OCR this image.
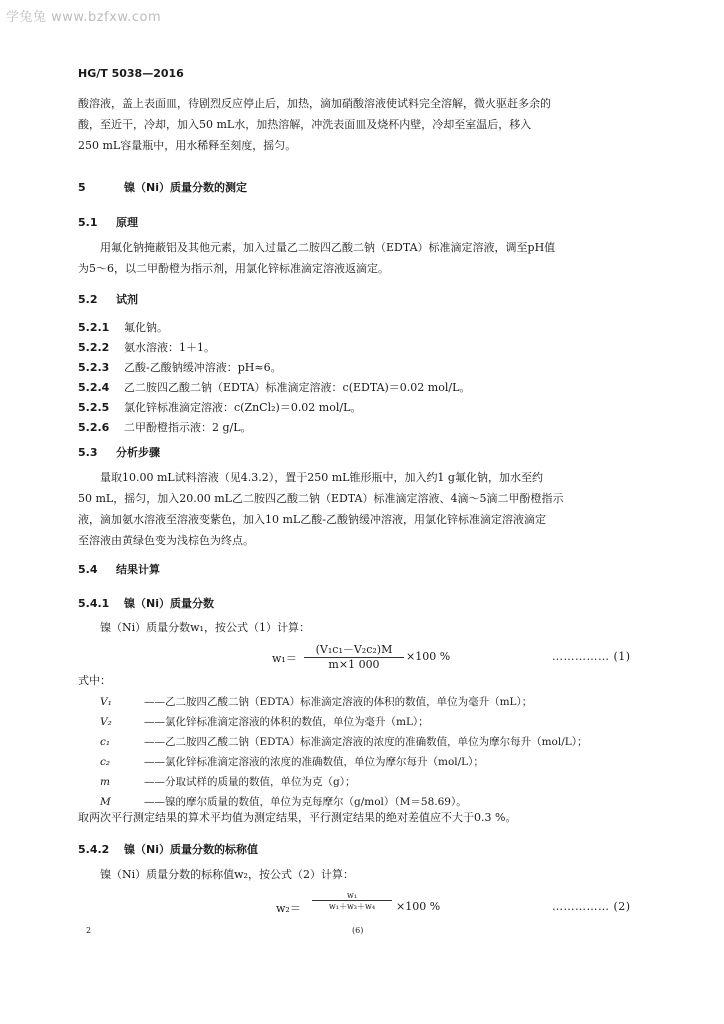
学兔兔 www.bzfxw.com
HG/T 5038—2016
酸溶液，盖上表面皿，待剧烈反应停止后，加热，滴加硝酸溶液使试料完全溶解，微火驱赶多余的
酸，至近干，冷却，加入50 mL水，加热溶解，冲洗表面皿及烧杯内壁，冷却至室温后，移入
250 mL容量瓶中，用水稀释至刻度，摇匀。
5	镍（Ni）质量分数的测定
5.1 原理
用氟化钠掩蔽铝及其他元素，加入过量乙二胺四乙酸二钠（EDTA）标准滴定溶液，调至pH值
为5～6，以二甲酚橙为指示剂，用氯化锌标准滴定溶液返滴定。
5.2 试剂
5.2.1 氟化钠。
5.2.2 氨水溶液：1＋1。
5.2.3 乙酸-乙酸钠缓冲溶液：pH≈6。
5.2.4 乙二胺四乙酸二钠（EDTA）标准滴定溶液：c(EDTA)＝0.02 mol/L。
5.2.5 氯化锌标准滴定溶液：c(ZnCl₂)＝0.02 mol/L。
5.2.6 二甲酚橙指示液：2 g/L。
5.3 分析步骤
量取10.00 mL试料溶液（见4.3.2），置于250 mL锥形瓶中，加入约1 g氟化钠，加水至约
50 mL，摇匀，加入20.00 mL乙二胺四乙酸二钠（EDTA）标准滴定溶液、4滴～5滴二甲酚橙指示
液，滴加氨水溶液至溶液变紫色，加入10 mL乙酸-乙酸钠缓冲溶液，用氯化锌标准滴定溶液滴定
至溶液由黄绿色变为浅棕色为终点。
5.4 结果计算
5.4.1 镍（Ni）质量分数
镍（Ni）质量分数w₁，按公式（1）计算：
w₁＝
(V₁c₁－V₂c₂)M
m×1 000
×100 %	…………… (1)
式中：
V₁	——乙二胺四乙酸二钠（EDTA）标准滴定溶液的体积的数值，单位为毫升（mL）；
V₂	——氯化锌标准滴定溶液的体积的数值，单位为毫升（mL）；
c₁	——乙二胺四乙酸二钠（EDTA）标准滴定溶液的浓度的准确数值，单位为摩尔每升（mol/L）；
c₂	——氯化锌标准滴定溶液的浓度的准确数值，单位为摩尔每升（mol/L）；
m	——分取试样的质量的数值，单位为克（g）；
M	——镍的摩尔质量的数值，单位为克每摩尔（g/mol）（M＝58.69）。
取两次平行测定结果的算术平均值为测定结果，平行测定结果的绝对差值应不大于0.3 %。
5.4.2 镍（Ni）质量分数的标称值
镍（Ni）质量分数的标称值w₂，按公式（2）计算：
w₂＝
w₁
w₁＋w₃＋w₄	×100 %	…………… (2)
2	(6)
